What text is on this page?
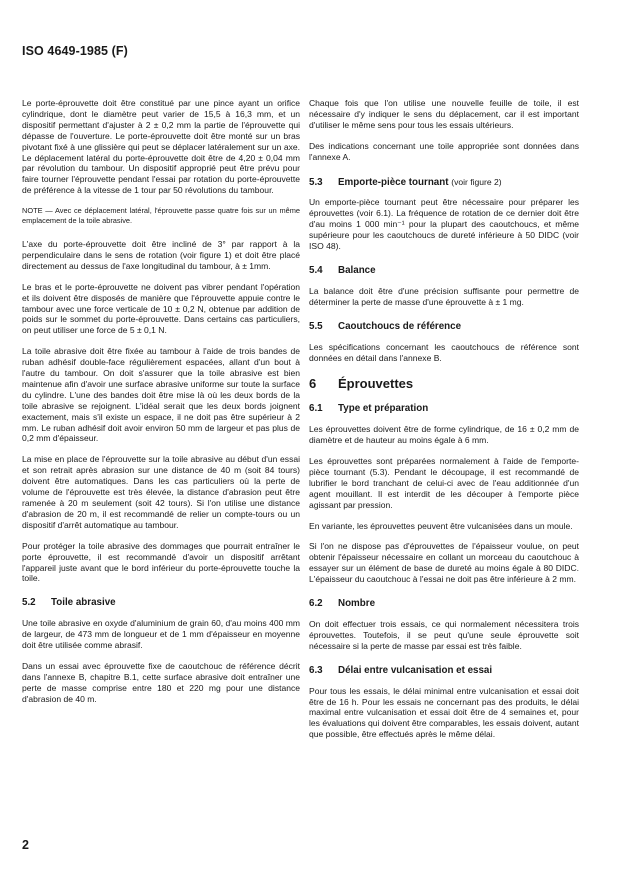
ISO 4649-1985 (F)

Le porte-éprouvette doit être constitué par une pince ayant un orifice cylindrique, dont le diamètre peut varier de 15,5 à 16,3 mm, et un dispositif permettant d'ajuster à 2 ± 0,2 mm la partie de l'éprouvette qui dépasse de l'ouverture. Le porte-éprouvette doit être monté sur un bras pivotant fixé à une glissière qui peut se déplacer latéralement sur un axe. Le déplacement latéral du porte-éprouvette doit être de 4,20 ± 0,04 mm par révolution du tambour. Un dispositif approprié peut être prévu pour faire tourner l'éprouvette pendant l'essai par rotation du porte-éprouvette de préférence à la vitesse de 1 tour par 50 révolutions du tambour.

NOTE — Avec ce déplacement latéral, l'éprouvette passe quatre fois sur un même emplacement de la toile abrasive.

L'axe du porte-éprouvette doit être incliné de 3° par rapport à la perpendiculaire dans le sens de rotation (voir figure 1) et doit être placé directement au dessus de l'axe longitudinal du tambour, à ± 1mm.

Le bras et le porte-éprouvette ne doivent pas vibrer pendant l'opération et ils doivent être disposés de manière que l'éprouvette appuie contre le tambour avec une force verticale de 10 ± 0,2 N, obtenue par addition de poids sur le sommet du porte-éprouvette. Dans certains cas particuliers, on peut utiliser une force de 5 ± 0,1 N.

La toile abrasive doit être fixée au tambour à l'aide de trois bandes de ruban adhésif double-face régulièrement espacées, allant d'un bout à l'autre du tambour. On doit s'assurer que la toile abrasive est bien maintenue afin d'avoir une surface abrasive uniforme sur toute la surface du cylindre. L'une des bandes doit être mise là où les deux bords de la toile abrasive se rejoignent. L'idéal serait que les deux bords joignent exactement, mais s'il existe un espace, il ne doit pas être supérieur à 2 mm. Le ruban adhésif doit avoir environ 50 mm de largeur et pas plus de 0,2 mm d'épaisseur.

La mise en place de l'éprouvette sur la toile abrasive au début d'un essai et son retrait après abrasion sur une distance de 40 m (soit 84 tours) doivent être automatiques. Dans les cas particuliers où la perte de volume de l'éprouvette est très élevée, la distance d'abrasion peut être ramenée à 20 m seulement (soit 42 tours). Si l'on utilise une distance d'abrasion de 20 m, il est recommandé de relier un compte-tours ou un dispositif d'arrêt automatique au tambour.

Pour protéger la toile abrasive des dommages que pourrait entraîner le porte éprouvette, il est recommandé d'avoir un dispositif arrêtant l'appareil juste avant que le bord inférieur du porte-éprouvette touche la toile.

5.2 Toile abrasive

Une toile abrasive en oxyde d'aluminium de grain 60, d'au moins 400 mm de largeur, de 473 mm de longueur et de 1 mm d'épaisseur en moyenne doit être utilisée comme abrasif.

Dans un essai avec éprouvette fixe de caoutchouc de référence décrit dans l'annexe B, chapitre B.1, cette surface abrasive doit entraîner une perte de masse comprise entre 180 et 220 mg pour une distance d'abrasion de 40 m.

Chaque fois que l'on utilise une nouvelle feuille de toile, il est nécessaire d'y indiquer le sens du déplacement, car il est important d'utiliser le même sens pour tous les essais ultérieurs.

Des indications concernant une toile appropriée sont données dans l'annexe A.

5.3 Emporte-pièce tournant (voir figure 2)

Un emporte-pièce tournant peut être nécessaire pour préparer les éprouvettes (voir 6.1). La fréquence de rotation de ce dernier doit être d'au moins 1 000 min⁻¹ pour la plupart des caoutchoucs, et même supérieure pour les caoutchoucs de dureté inférieure à 50 DIDC (voir ISO 48).

5.4 Balance

La balance doit être d'une précision suffisante pour permettre de déterminer la perte de masse d'une éprouvette à ± 1 mg.

5.5 Caoutchoucs de référence

Les spécifications concernant les caoutchoucs de référence sont données en détail dans l'annexe B.

6 Éprouvettes
6.1 Type et préparation

Les éprouvettes doivent être de forme cylindrique, de 16 ± 0,2 mm de diamètre et de hauteur au moins égale à 6 mm.

Les éprouvettes sont préparées normalement à l'aide de l'emporte-pièce tournant (5.3). Pendant le découpage, il est recommandé de lubrifier le bord tranchant de celui-ci avec de l'eau additionnée d'un agent mouillant. Il est interdit de les découper à l'emporte pièce agissant par pression.

En variante, les éprouvettes peuvent être vulcanisées dans un moule.

Si l'on ne dispose pas d'éprouvettes de l'épaisseur voulue, on peut obtenir l'épaisseur nécessaire en collant un morceau du caoutchouc à essayer sur un élément de base de dureté au moins égale à 80 DIDC. L'épaisseur du caoutchouc à l'essai ne doit pas être inférieure à 2 mm.

6.2 Nombre

On doit effectuer trois essais, ce qui normalement nécessitera trois éprouvettes. Toutefois, il se peut qu'une seule éprouvette soit nécessaire si la perte de masse par essai est très faible.

6.3 Délai entre vulcanisation et essai

Pour tous les essais, le délai minimal entre vulcanisation et essai doit être de 16 h. Pour les essais ne concernant pas des produits, le délai maximal entre vulcanisation et essai doit être de 4 semaines et, pour les évaluations qui doivent être comparables, les essais doivent, autant que possible, être effectués après le même délai.

2
